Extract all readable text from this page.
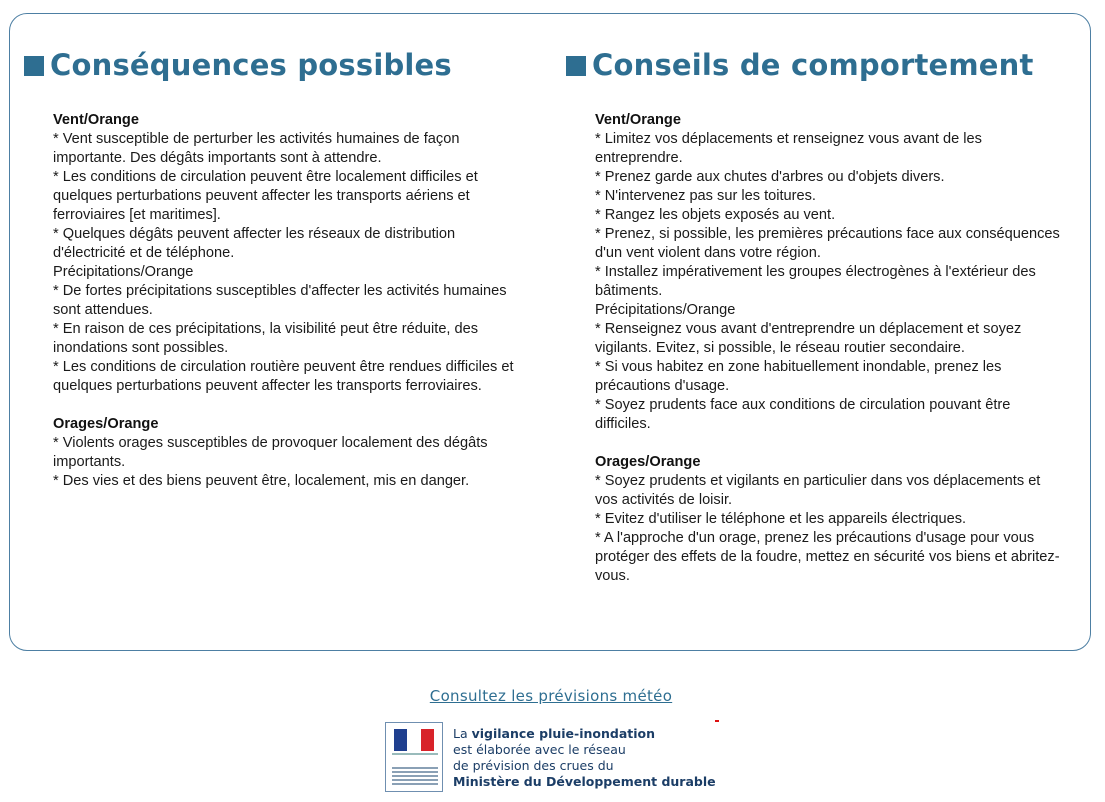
Conséquences possibles

Vent/Orange

* Vent susceptible de perturber les activités humaines de façon importante. Des dégâts importants sont à attendre.

* Les conditions de circulation peuvent être localement difficiles et quelques perturbations peuvent affecter les transports aériens et ferroviaires [et maritimes].

* Quelques dégâts peuvent affecter les réseaux de distribution d'électricité et de téléphone.

Précipitations/Orange

* De fortes précipitations susceptibles d'affecter les activités humaines sont attendues.

* En raison de ces précipitations, la visibilité peut être réduite, des inondations sont possibles.

* Les conditions de circulation routière peuvent être rendues difficiles et quelques perturbations peuvent affecter les transports ferroviaires.

Orages/Orange

* Violents orages susceptibles de provoquer localement des dégâts importants.

* Des vies et des biens peuvent être, localement, mis en danger.

Conseils de comportement

Vent/Orange

* Limitez vos déplacements et renseignez vous avant de les entreprendre.

* Prenez garde aux chutes d'arbres ou d'objets divers.

* N'intervenez pas sur les toitures.

* Rangez les objets exposés au vent.

* Prenez, si possible, les premières précautions face aux conséquences d'un vent violent dans votre région.

* Installez impérativement les groupes électrogènes à l'extérieur des bâtiments.

Précipitations/Orange

* Renseignez vous avant d'entreprendre un déplacement et soyez vigilants. Evitez, si possible, le réseau routier secondaire.

* Si vous habitez en zone habituellement inondable, prenez les précautions d'usage.

* Soyez prudents face aux conditions de circulation pouvant être difficiles.

Orages/Orange

* Soyez prudents et vigilants en particulier dans vos déplacements et vos activités de loisir.

* Evitez d'utiliser le téléphone et les appareils électriques.

* A l'approche d'un orage, prenez les précautions d'usage pour vous protéger des effets de la foudre, mettez en sécurité vos biens et abritez-vous.

Consultez les prévisions météo
La vigilance pluie-inondation
est élaborée avec le réseau
de prévision des crues du
Ministère du Développement durable
